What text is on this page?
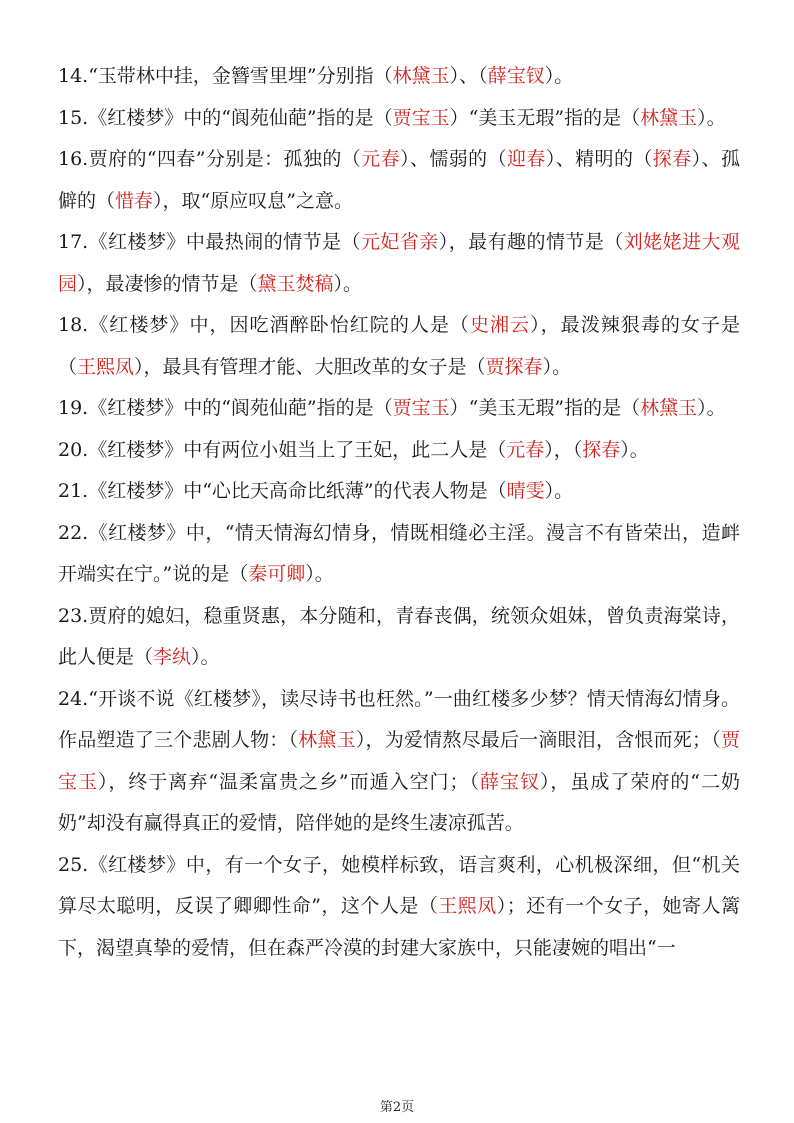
14.“玉带林中挂，金簪雪里埋”分别指（林黛玉）、（薛宝钗）。

15.《红楼梦》中的“阆苑仙葩”指的是（贾宝玉）“美玉无瑕”指的是（林黛玉）。

16.贾府的“四春”分别是：孤独的（元春）、懦弱的（迎春）、精明的（探春）、孤僻的（惜春），取“原应叹息”之意。

17.《红楼梦》中最热闹的情节是（元妃省亲），最有趣的情节是（刘姥姥进大观园），最凄惨的情节是（黛玉焚稿）。

18.《红楼梦》中，因吃酒醉卧怡红院的人是（史湘云），最泼辣狠毒的女子是（王熙凤），最具有管理才能、大胆改革的女子是（贾探春）。

19.《红楼梦》中的“阆苑仙葩”指的是（贾宝玉）“美玉无瑕”指的是（林黛玉）。

20.《红楼梦》中有两位小姐当上了王妃，此二人是（元春），（探春）。

21.《红楼梦》中“心比天高命比纸薄”的代表人物是（晴雯）。

22.《红楼梦》中，“情天情海幻情身，情既相缝必主淫。漫言不有皆荣出，造衅开端实在宁。”说的是（秦可卿）。

23.贾府的媳妇，稳重贤惠，本分随和，青春丧偶，统领众姐妹，曾负责海棠诗，此人便是（李纨）。

24.“开谈不说《红楼梦》，读尽诗书也枉然。”一曲红楼多少梦？情天情海幻情身。作品塑造了三个悲剧人物：（林黛玉），为爱情熬尽最后一滴眼泪，含恨而死；（贾宝玉），终于离弃“温柔富贵之乡”而遁入空门；（薛宝钗），虽成了荣府的“二奶奶”却没有赢得真正的爱情，陪伴她的是终生凄凉孤苦。

25.《红楼梦》中，有一个女子，她模样标致，语言爽利，心机极深细，但“机关算尽太聪明，反误了卿卿性命”，这个人是（王熙凤）；还有一个女子，她寄人篱下，渴望真挚的爱情，但在森严冷漠的封建大家族中，只能凄婉的唱出“一

第2页
